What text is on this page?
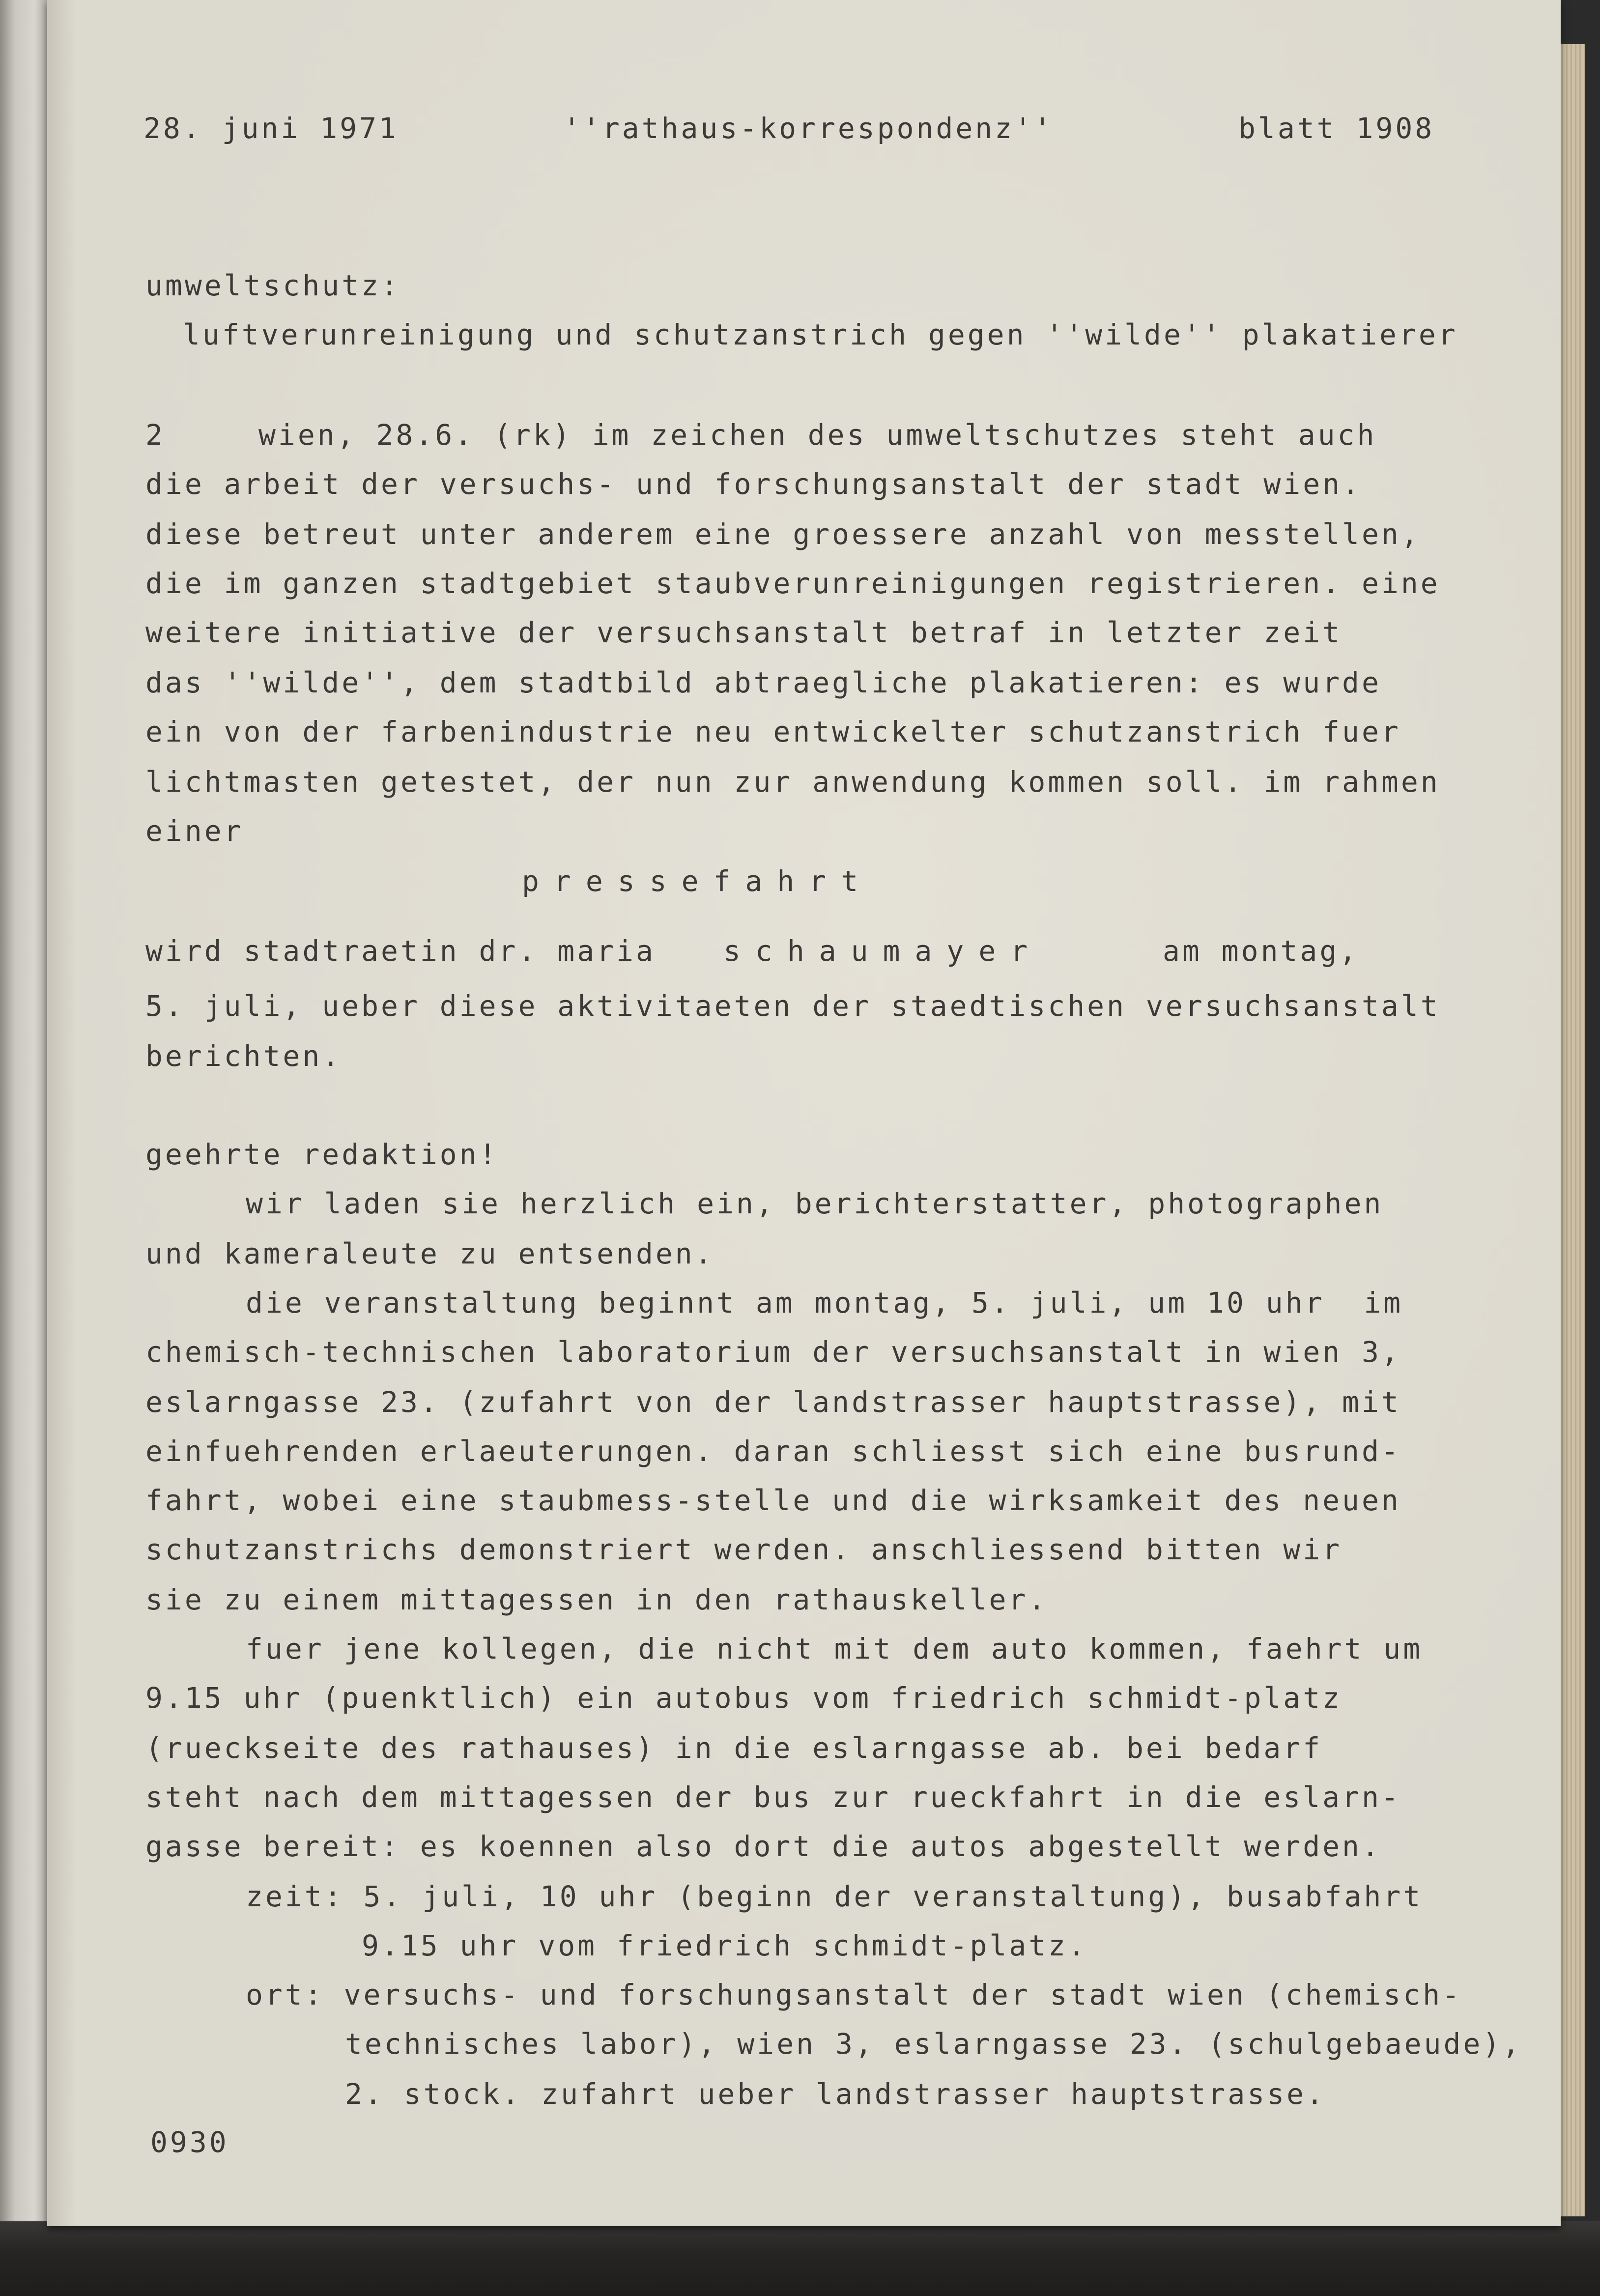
28. juni 1971	''rathaus-korrespondenz''	blatt 1908
umweltschutz:
luftverunreinigung und schutzanstrich gegen ''wilde'' plakatierer
2	wien, 28.6. (rk) im zeichen des umweltschutzes steht auch
die arbeit der versuchs- und forschungsanstalt der stadt wien.
diese betreut unter anderem eine groessere anzahl von messtellen,
die im ganzen stadtgebiet staubverunreinigungen registrieren. eine
weitere initiative der versuchsanstalt betraf in letzter zeit
das ''wilde'', dem stadtbild abtraegliche plakatieren: es wurde
ein von der farbenindustrie neu entwickelter schutzanstrich fuer
lichtmasten getestet, der nun zur anwendung kommen soll. im rahmen
einer
pressefahrt
wird stadtraetin dr. maria schaumayer	am montag,
5. juli, ueber diese aktivitaeten der staedtischen versuchsanstalt
berichten.
geehrte redaktion!
wir laden sie herzlich ein, berichterstatter, photographen
und kameraleute zu entsenden.
die veranstaltung beginnt am montag, 5. juli, um 10 uhr  im
chemisch-technischen laboratorium der versuchsanstalt in wien 3,
eslarngasse 23. (zufahrt von der landstrasser hauptstrasse), mit
einfuehrenden erlaeuterungen. daran schliesst sich eine busrund-
fahrt, wobei eine staubmess-stelle und die wirksamkeit des neuen
schutzanstrichs demonstriert werden. anschliessend bitten wir
sie zu einem mittagessen in den rathauskeller.
fuer jene kollegen, die nicht mit dem auto kommen, faehrt um
9.15 uhr (puenktlich) ein autobus vom friedrich schmidt-platz
(rueckseite des rathauses) in die eslarngasse ab. bei bedarf
steht nach dem mittagessen der bus zur rueckfahrt in die eslarn-
gasse bereit: es koennen also dort die autos abgestellt werden.
zeit: 5. juli, 10 uhr (beginn der veranstaltung), busabfahrt
9.15 uhr vom friedrich schmidt-platz.
ort: versuchs- und forschungsanstalt der stadt wien (chemisch-
technisches labor), wien 3, eslarngasse 23. (schulgebaeude),
2. stock. zufahrt ueber landstrasser hauptstrasse.
0930
